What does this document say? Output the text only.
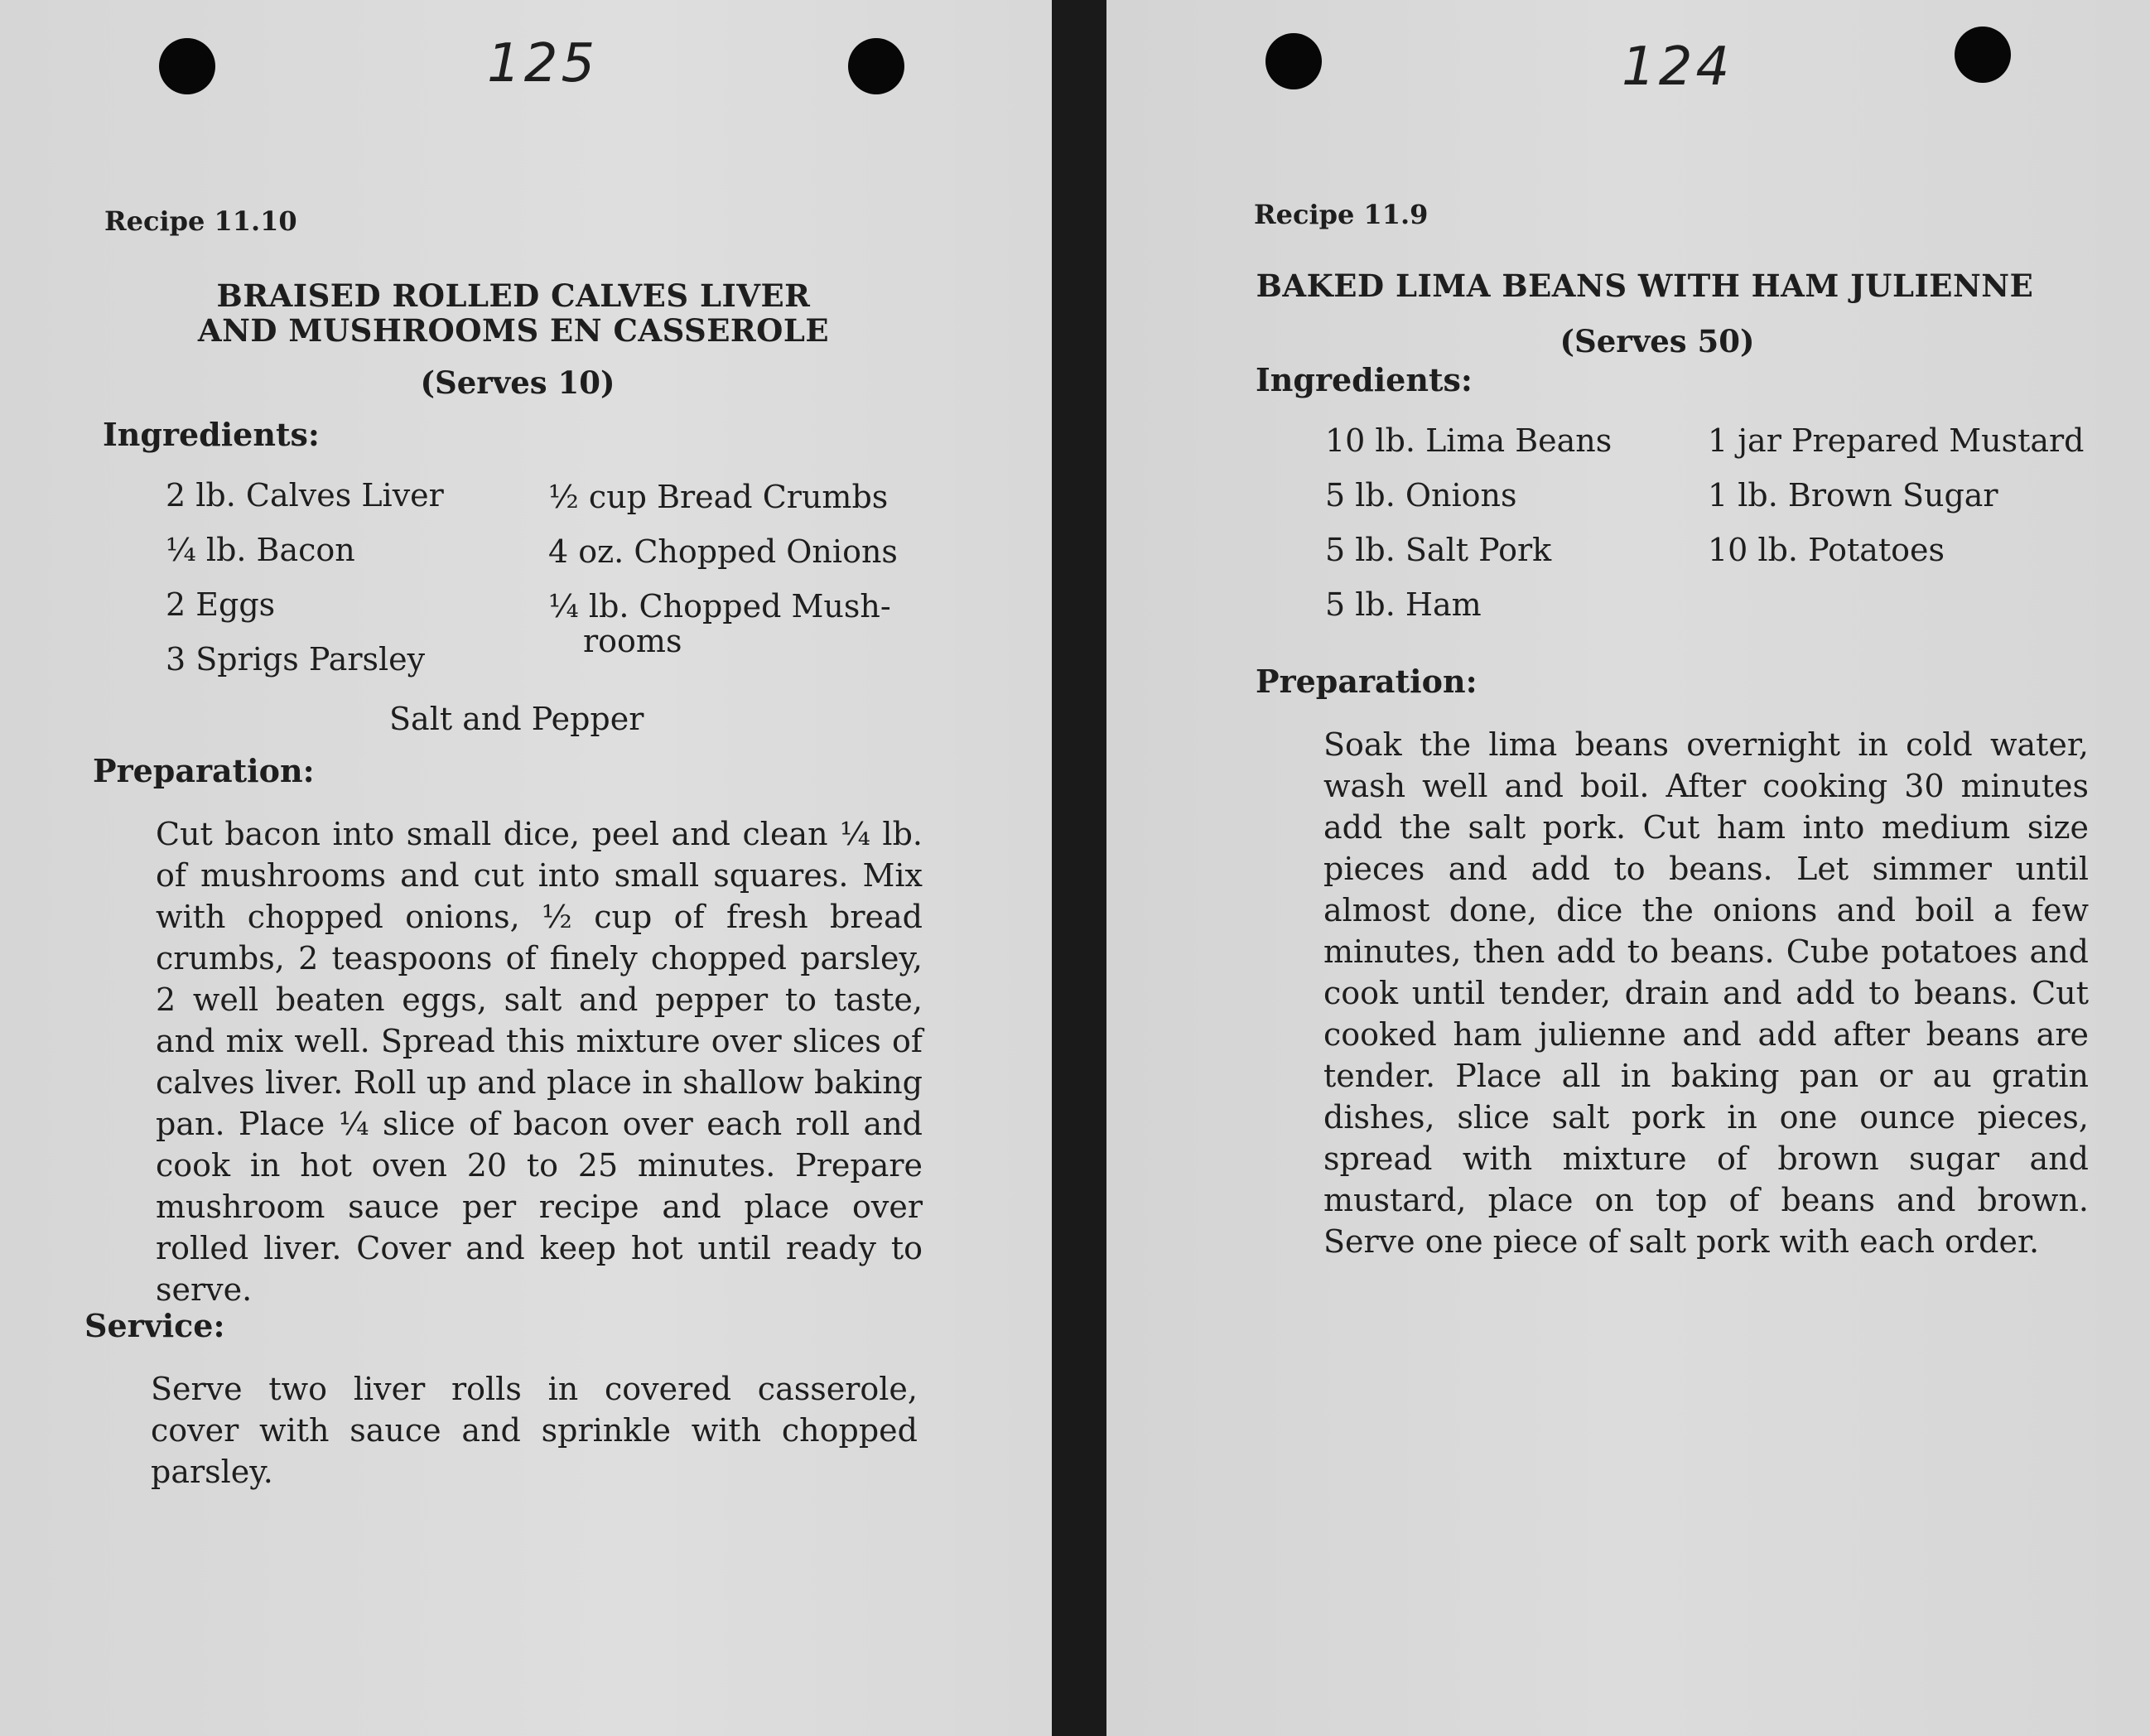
125
Recipe 11.10
BRAISED ROLLED CALVES LIVER
AND MUSHROOMS EN CASSEROLE
(Serves 10)
Ingredients:
2 lb. Calves Liver
¼ lb. Bacon
2 Eggs
3 Sprigs Parsley
½ cup Bread Crumbs
4 oz. Chopped Onions
¼ lb. Chopped Mush-
rooms
Salt and Pepper
Preparation:
Cut bacon into small dice, peel and clean ¼ lb. of mushrooms and cut into small squares. Mix with chopped onions, ½ cup of fresh bread crumbs, 2 teaspoons of finely chopped parsley, 2 well beaten eggs, salt and pepper to taste, and mix well. Spread this mixture over slices of calves liver. Roll up and place in shallow baking pan. Place ¼ slice of bacon over each roll and cook in hot oven 20 to 25 minutes. Prepare mushroom sauce per recipe and place over rolled liver. Cover and keep hot until ready to serve.
Service:
Serve two liver rolls in covered casserole, cover with sauce and sprinkle with chopped parsley.
124
Recipe 11.9
BAKED LIMA BEANS WITH HAM JULIENNE
(Serves 50)
Ingredients:
10 lb. Lima Beans
5 lb. Onions
5 lb. Salt Pork
5 lb. Ham
1 jar Prepared Mustard
1 lb. Brown Sugar
10 lb. Potatoes
Preparation:
Soak the lima beans overnight in cold water, wash well and boil. After cooking 30 minutes add the salt pork. Cut ham into medium size pieces and add to beans. Let simmer until almost done, dice the onions and boil a few minutes, then add to beans. Cube potatoes and cook until tender, drain and add to beans. Cut cooked ham julienne and add after beans are tender. Place all in baking pan or au gratin dishes, slice salt pork in one ounce pieces, spread with mixture of brown sugar and mustard, place on top of beans and brown. Serve one piece of salt pork with each order.
